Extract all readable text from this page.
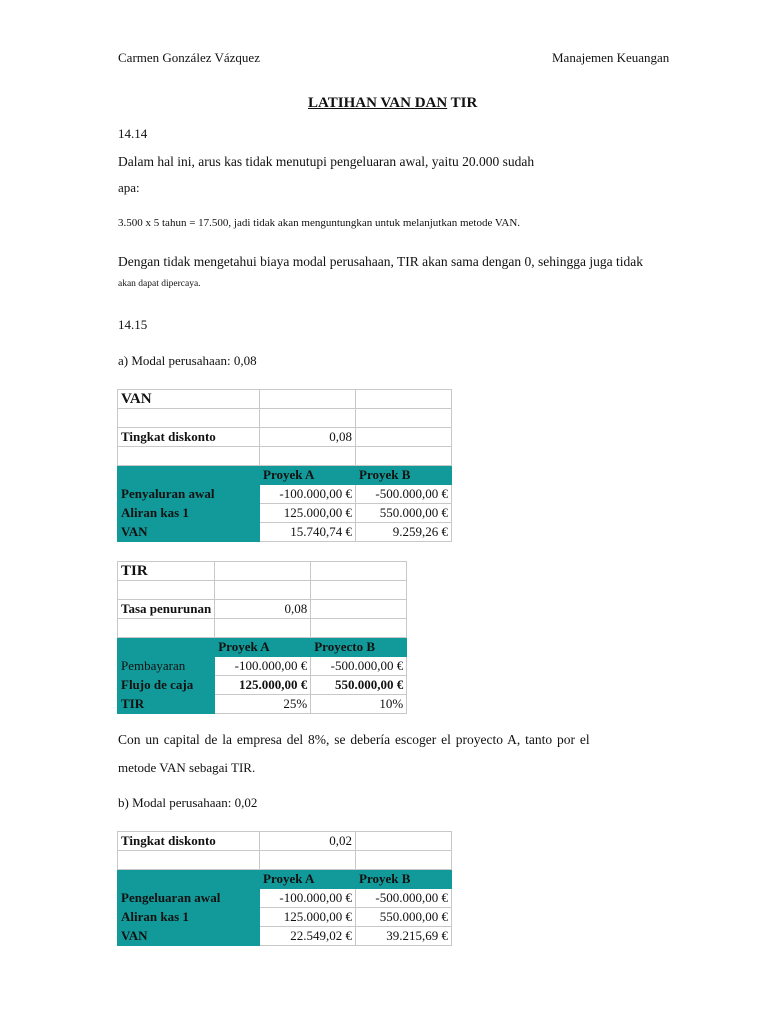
Carmen González Vázquez	Manajemen Keuangan
LATIHAN VAN DAN TIR
14.14
Dalam hal ini, arus kas tidak menutupi pengeluaran awal, yaitu 20.000 sudah
apa:
3.500 x 5 tahun = 17.500, jadi tidak akan menguntungkan untuk melanjutkan metode VAN.
Dengan tidak mengetahui biaya modal perusahaan, TIR akan sama dengan 0, sehingga juga tidak
akan dapat dipercaya.
14.15
a) Modal perusahaan: 0,08
VAN		

Tingkat diskonto	0,08	

	Proyek A	Proyek B
Penyaluran awal	-100.000,00 €	-500.000,00 €
Aliran kas 1	125.000,00 €	550.000,00 €
VAN	15.740,74 €	9.259,26 €
TIR		

Tasa penurunan	0,08	

	Proyek A	Proyecto B
Pembayaran	-100.000,00 €	-500.000,00 €
Flujo de caja	125.000,00 €	550.000,00 €
TIR	25%	10%
Con un capital de la empresa del 8%, se debería escoger el proyecto A, tanto por el
metode VAN sebagai TIR.
b) Modal perusahaan: 0,02
Tingkat diskonto	0,02	

	Proyek A	Proyek B
Pengeluaran awal	-100.000,00 €	-500.000,00 €
Aliran kas 1	125.000,00 €	550.000,00 €
VAN	22.549,02 €	39.215,69 €
